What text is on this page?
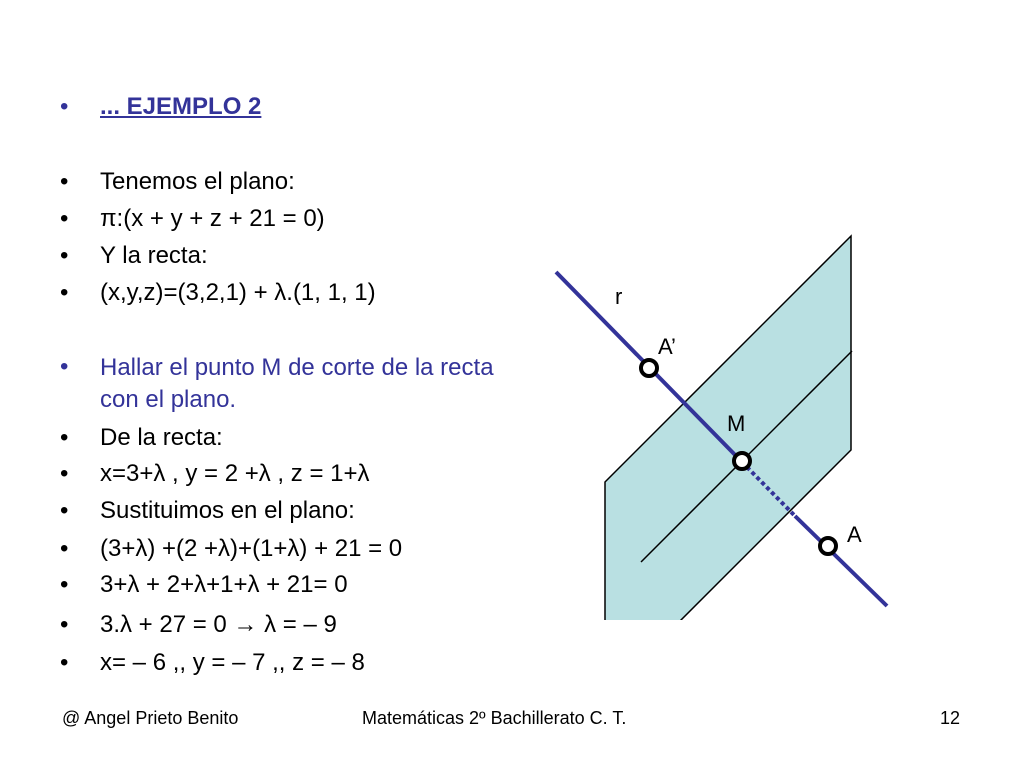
•	... EJEMPLO 2
•	Tenemos el plano:
•	π:(x + y + z + 21 = 0)
•	Y la recta:
•	(x,y,z)=(3,2,1) + λ.(1, 1, 1)
•	Hallar el punto M de corte de la recta con el plano.
•	De la recta:
•	x=3+λ , y = 2 +λ , z = 1+λ
•	Sustituimos en el plano:
•	(3+λ) +(2 +λ)+(1+λ) + 21 = 0
•	3+λ + 2+λ+1+λ + 21= 0
•	3.λ + 27 = 0 → λ = – 9
•	x= – 6 ,, y = – 7 ,, z = – 8
r
A’
M
A
@ Angel Prieto Benito	Matemáticas 2º Bachillerato C. T.	12
